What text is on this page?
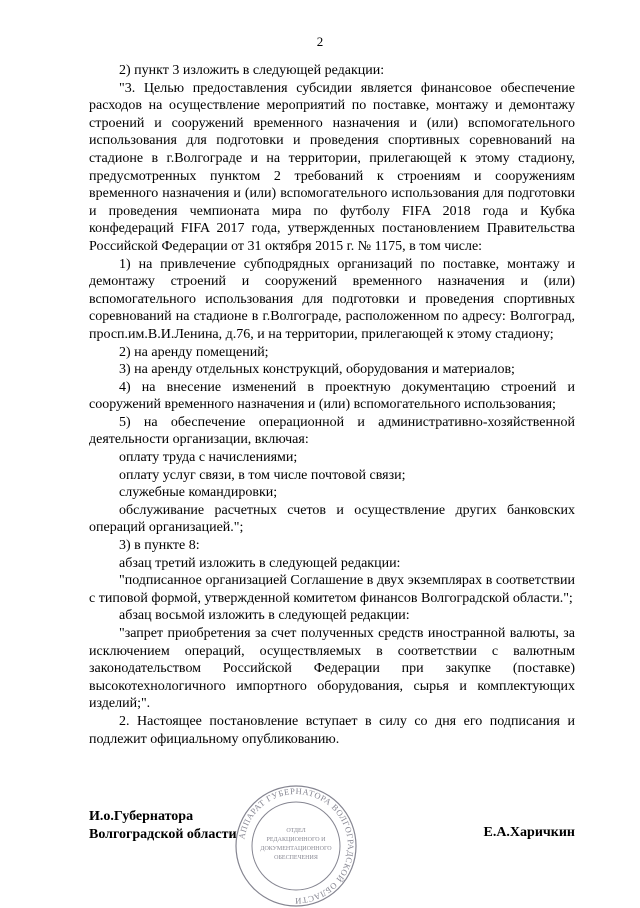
2

2) пункт 3 изложить в следующей редакции:

"3. Целью предоставления субсидии является финансовое обеспечение расходов на осуществление мероприятий по поставке, монтажу и демонтажу строений и сооружений временного назначения и (или) вспомогательного использования для подготовки и проведения спортивных соревнований на стадионе в г.Волгограде и на территории, прилегающей к этому стадиону, предусмотренных пунктом 2 требований к строениям и сооружениям временного назначения и (или) вспомогательного использования для подготовки и проведения чемпионата мира по футболу FIFA 2018 года и Кубка конфедераций FIFA 2017 года, утвержденных постановлением Правительства Российской Федерации от 31 октября 2015 г. № 1175, в том числе:

1) на привлечение субподрядных организаций по поставке, монтажу и демонтажу строений и сооружений временного назначения и (или) вспомогательного использования для подготовки и проведения спортивных соревнований на стадионе в г.Волгограде, расположенном по адресу: Волгоград, просп.им.В.И.Ленина, д.76, и на территории, прилегающей к этому стадиону;

2) на аренду помещений;

3) на аренду отдельных конструкций, оборудования и материалов;

4) на внесение изменений в проектную документацию строений и сооружений временного назначения и (или) вспомогательного использования;

5) на обеспечение операционной и административно-хозяйственной деятельности организации, включая:

оплату труда с начислениями;

оплату услуг связи, в том числе почтовой связи;

служебные командировки;

обслуживание расчетных счетов и осуществление других банковских операций организацией.";

3) в пункте 8:

абзац третий изложить в следующей редакции:

"подписанное организацией Соглашение в двух экземплярах в соответствии с типовой формой, утвержденной комитетом финансов Волгоградской области.";

абзац восьмой изложить в следующей редакции:

"запрет приобретения за счет полученных средств иностранной валюты, за исключением операций, осуществляемых в соответствии с валютным законодательством Российской Федерации при закупке (поставке) высокотехнологичного импортного оборудования, сырья и комплектующих изделий;".

2. Настоящее постановление вступает в силу со дня его подписания и подлежит официальному опубликованию.

И.о.Губернатора
Волгоградской области	Е.А.Харичкин
АППАРАТ ГУБЕРНАТОРА ВОЛГОГРАДСКОЙ ОБЛАСТИ
ОТДЕЛ
РЕДАКЦИОННОГО И
ДОКУМЕНТАЦИОННОГО
ОБЕСПЕЧЕНИЯ
